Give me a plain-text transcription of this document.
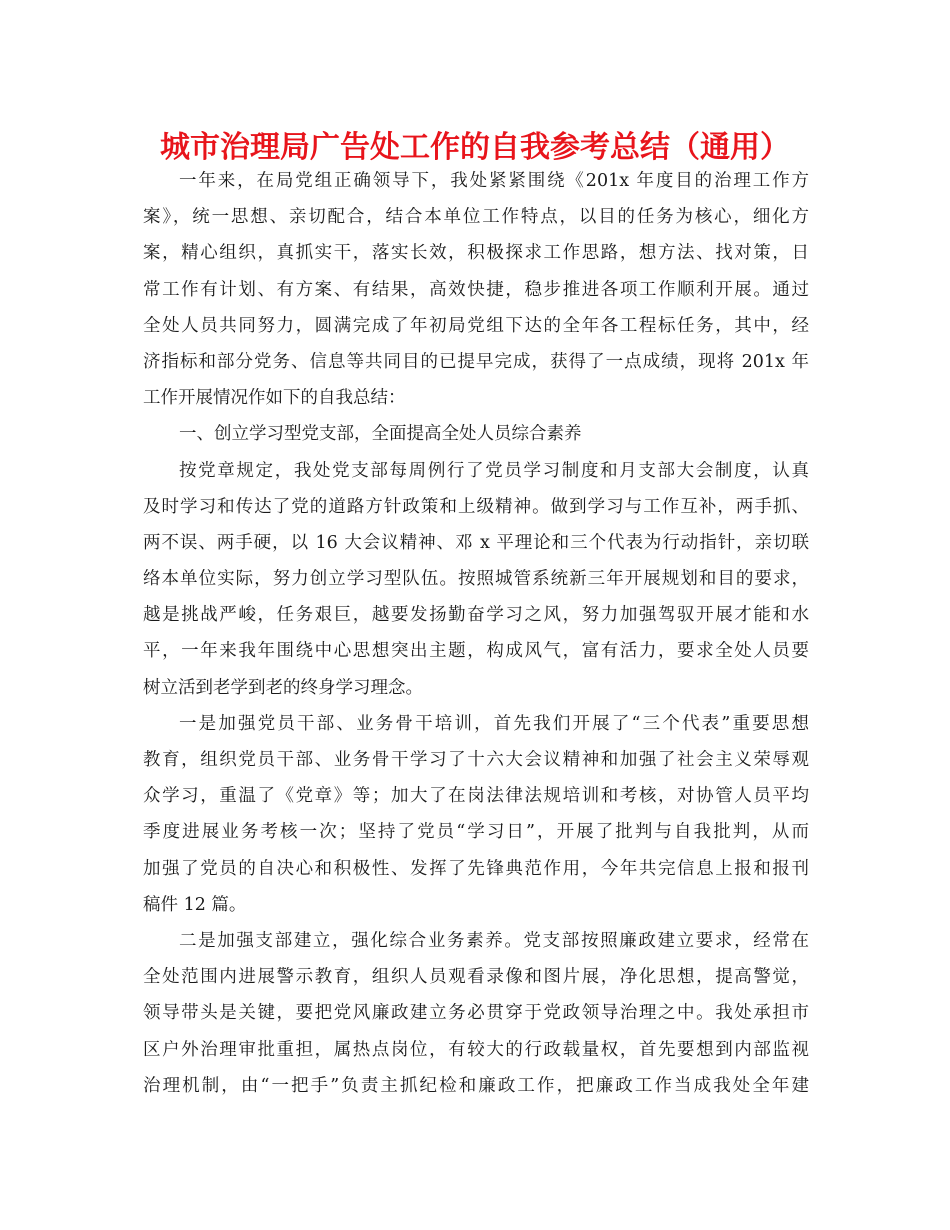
城市治理局广告处工作的自我参考总结（通用）
一年来，在局党组正确领导下，我处紧紧围绕《201x 年度目的治理工作方
案》，统一思想、亲切配合，结合本单位工作特点，以目的任务为核心，细化方
案，精心组织，真抓实干，落实长效，积极探求工作思路，想方法、找对策，日
常工作有计划、有方案、有结果，高效快捷，稳步推进各项工作顺利开展。通过
全处人员共同努力，圆满完成了年初局党组下达的全年各工程标任务，其中，经
济指标和部分党务、信息等共同目的已提早完成，获得了一点成绩，现将 201x 年
工作开展情况作如下的自我总结：
一、创立学习型党支部，全面提高全处人员综合素养
按党章规定，我处党支部每周例行了党员学习制度和月支部大会制度，认真
及时学习和传达了党的道路方针政策和上级精神。做到学习与工作互补，两手抓、
两不误、两手硬，以 16 大会议精神、邓 x 平理论和三个代表为行动指针，亲切联
络本单位实际，努力创立学习型队伍。按照城管系统新三年开展规划和目的要求，
越是挑战严峻，任务艰巨，越要发扬勤奋学习之风，努力加强驾驭开展才能和水
平，一年来我年围绕中心思想突出主题，构成风气，富有活力，要求全处人员要
树立活到老学到老的终身学习理念。
一是加强党员干部、业务骨干培训，首先我们开展了“三个代表”重要思想
教育，组织党员干部、业务骨干学习了十六大会议精神和加强了社会主义荣辱观
众学习，重温了《党章》等；加大了在岗法律法规培训和考核，对协管人员平均
季度进展业务考核一次；坚持了党员“学习日”，开展了批判与自我批判，从而
加强了党员的自决心和积极性、发挥了先锋典范作用，今年共完信息上报和报刊
稿件 12 篇。
二是加强支部建立，强化综合业务素养。党支部按照廉政建立要求，经常在
全处范围内进展警示教育，组织人员观看录像和图片展，净化思想，提高警觉，
领导带头是关键，要把党风廉政建立务必贯穿于党政领导治理之中。我处承担市
区户外治理审批重担，属热点岗位，有较大的行政载量权，首先要想到内部监视
治理机制，由“一把手”负责主抓纪检和廉政工作，把廉政工作当成我处全年建
